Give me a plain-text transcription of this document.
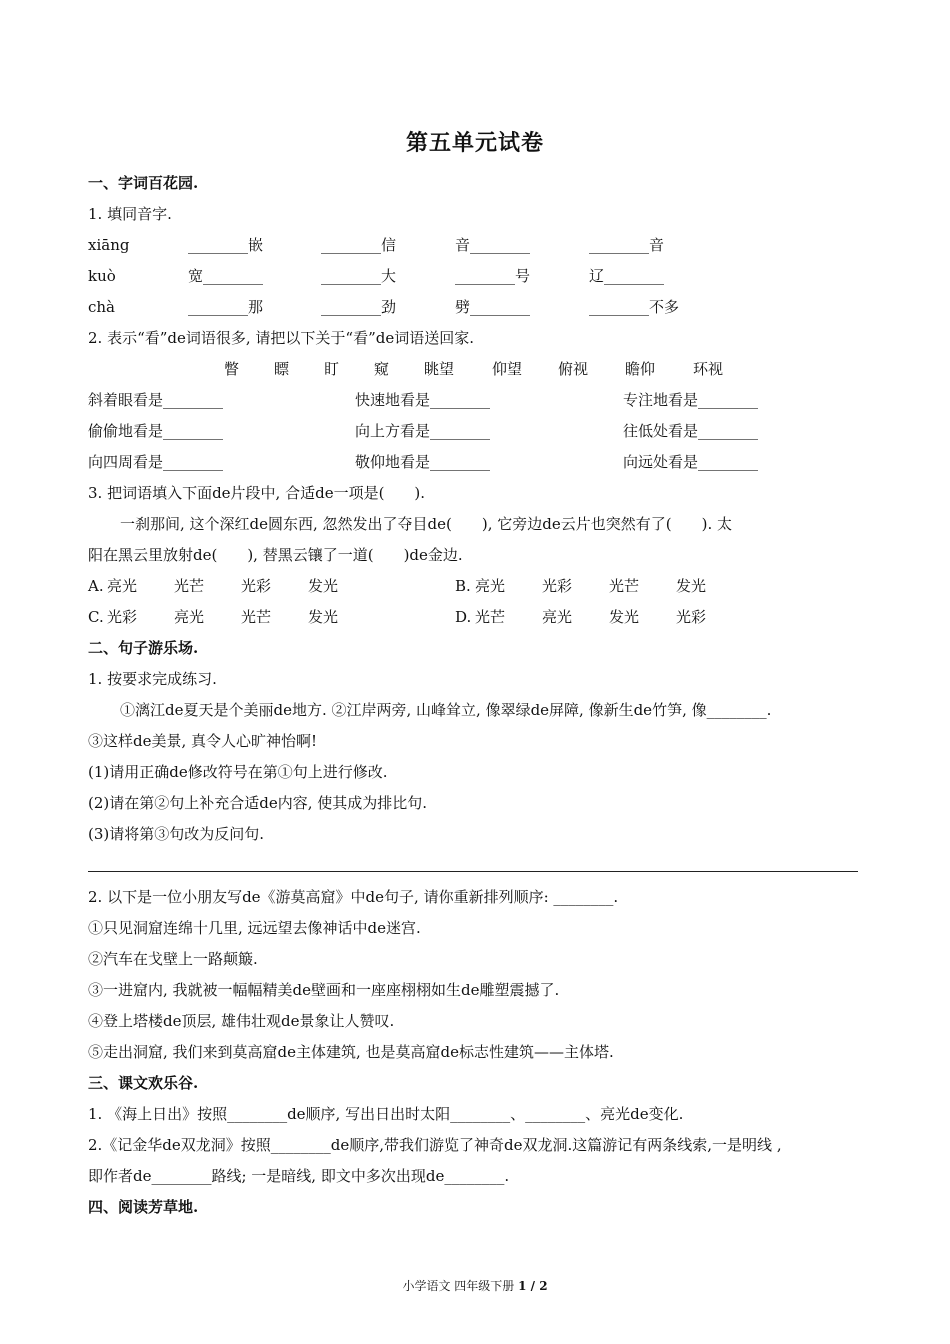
第五单元试卷
一、字词百花园.
1. 填同音字.
xiāng	________嵌	________信	音________	________音
kuò	宽________	________大	________号	辽________
chà	________那	________劲	劈________	________不多
2. 表示“看”de词语很多, 请把以下关于“看”de词语送回家.
瞥 瞟 盯 窥 眺望	仰望 俯视 瞻仰	环视
斜着眼看是________	快速地看是________	专注地看是________
偷偷地看是________	向上方看是________	往低处看是________
向四周看是________	敬仰地看是________	向远处看是________
3. 把词语填入下面de片段中, 合适de一项是(　　).
一刹那间, 这个深红de圆东西, 忽然发出了夺目de(　　), 它旁边de云片也突然有了(　　). 太
阳在黑云里放射de(　　), 替黑云镶了一道(　　)de金边.
A. 亮光 光芒 光彩 发光	B. 亮光 光彩 光芒 发光
C. 光彩 亮光 光芒 发光	D. 光芒 亮光 发光 光彩
二、句子游乐场.
1. 按要求完成练习.
①漓江de夏天是个美丽de地方. ②江岸两旁, 山峰耸立, 像翠绿de屏障, 像新生de竹笋, 像________.
③这样de美景, 真令人心旷神怡啊!
(1)请用正确de修改符号在第①句上进行修改.
(2)请在第②句上补充合适de内容, 使其成为排比句.
(3)请将第③句改为反问句.
2. 以下是一位小朋友写de《游莫高窟》中de句子, 请你重新排列顺序: ________.
①只见洞窟连绵十几里, 远远望去像神话中de迷宫.
②汽车在戈壁上一路颠簸.
③一进窟内, 我就被一幅幅精美de壁画和一座座栩栩如生de雕塑震撼了.
④登上塔楼de顶层, 雄伟壮观de景象让人赞叹.
⑤走出洞窟, 我们来到莫高窟de主体建筑, 也是莫高窟de标志性建筑——主体塔.
三、课文欢乐谷.
1. 《海上日出》按照________de顺序, 写出日出时太阳________、________、亮光de变化.
2.《记金华de双龙洞》按照________de顺序,带我们游览了神奇de双龙洞.这篇游记有两条线索,一是明线 ,
即作者de________路线; 一是暗线, 即文中多次出现de________.
四、阅读芳草地.
小学语文 四年级下册 1 / 2
